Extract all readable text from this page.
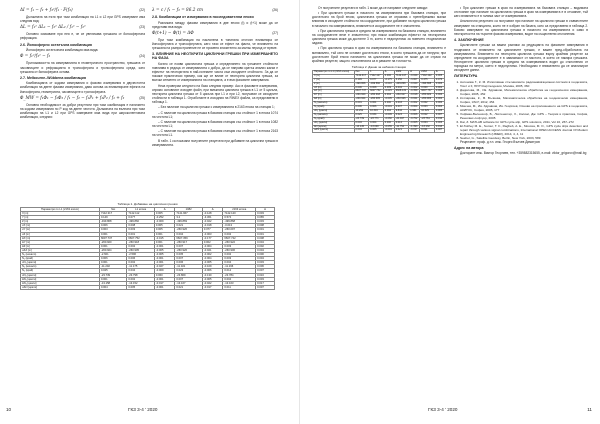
ΔI = f₁ − f₂ + f₃²/f₁ · F(f₃)	(22)

Дължината на пътя при тази комбинация на L1 и L2 при GPS измерване има следния вид:

ΔL = f₁² ΔL₁ − f₂² ΔL₂ / f₁² − f₂²	(23)

Основно изискване при нея е, че се увеличава грешката от йоносферната рефракция.

2.6. Йоносферно остатъчна комбинация

Йоносферно остатъчната комбинация има вида:

Φ = f₁²/f₂² − f₂	(24)

Приложимостта на измерванията в геометричното пространство, грешката от часовниците и рефракцията в тропосферата и тропосферната среда, като грешката от йоносферата остава.

2.7. Melbourne–Wübbena комбинация

Комбинацията от кодови измервания и фазови измервания в двучестотна комбинация на двете фазови измервания, дава основа за елиминиране ефекта на йоносферата, геометрията, часовниците и тропосферата.

Φ_MW = f₁Φ₁ − f₂Φ₂ / f₁ − f₂ − f₁P₁ + f₂P₂ / f₁ + f₂	(25)

Основна необходимост за добри резултати при тази комбинация е наличието на кодови измервания по P код на двете честоти. Дължината на вълната при тази комбинация на L1 и L2 при GPS измерване има вида при широколентовата комбинация, следния:

λ = c / f₁ − f₂ = 86.2 cm	(26)
2.8. Комбинации от измервания в последователни епохи

Разликата между фазови измервания в две епохи (t) и (t+1) може да се представи във вида:

Φ(t+1) − Φ(t) = ΔΦ	(27)

При тази комбинация на наклонена в топината отстоян елиминира се йоносферната и тропосферната, като тази се ефект на факта, че влиянието на грешката на разпространение не се променя значително за малък период от време.

3. ВЛИЯНИЕ НА НЕОТКРИТИ ЦИКЛИЧНИ ГРЕШКИ ПРИ ИЗМЕРВАНЕТО НА ФАЗА

Когато се появи цикличната грешка и определянето на грешните стойности повлиява в редица от измерванията с добра, да се направи кратък анализ какъв е ефектът на неоткритата в най-големите числа към изходните стойности. За да се покаже практически пример, как ще се влияе от неоткрита циклична грешка, за всички сегменти от измерванията на станцията, а е във фазовите измервания.

Нека проверим следното на база следния пример: Ако в фазовите измервания, спрямо основният изходен файл, при вмъкната циклична грешка в L1 от 5 цикъла, неоткрита циклична грешка от 5 цикъла при L1 и при L2, получават се изходните стойности в таблица 1. Отработките в изходния на RINEX файла, са представени в таблица 1.

– Без наличие на циклични грешки с измерванията в 2163 епоха на станция 1;

– С наличие на циклична грешка в базовия станция със стойност 1 в епоха 1074 на честота L1;

– С наличие на циклична грешка в базовия станция със стойност 1 в епоха 1082 на честота L1;

– С наличие на циклична грешка в базовия станция със стойност 1 в епоха 2163 на честота L1.

В табл. 1 са показани получените резултати при добавяне на циклични грешки в измерванията.

Таблица 1. Добавяне на циклични грешки
Параметри по L1 (2163 епохи)	без	L1 епоха	Δ	1082	Δ	2163 епоха	Δ
X [m]	7142.317	7142.112	0.005	7141.967	-0.128	7142.120	0.003
Y [m]	0.149	0.077	-0.252	3.2	-3.361	0.574	0.065
Z [m]	-499.868	-499.860	-0.009	-499.869	-0.022	-499.868	0.003
σX [m]	0.006	0.008	0.005	0.021	-0.018	-0.013	0.008
σY [m]	0.003	0.003	0.005	-260.926	0.377	-260.097	0.001
σZ [m]	0.001	0.001	0.001	0.004	-0.003	0.002	0.001
ΔX [m]	6607.737	6607.752	-0.015	6607.359	-0.177	6607.742	0.008
ΔY [m]	-260.920	-260.918	0.001	-260.917	0.002	-260.922	0.004
ΔZ [m]	0.001	0.002	-0.001	0.007	-0.004	0.003	0.002
σΔX [m]	-260.924	-260.905	-0.005	-260.926	-0.021	-260.906	0.004
N₁ (начало)	-2.601	-2.596	-0.005	0.005	-0.002	0.002	0.000
N₁ (край)	0.006	0.006	-0.001	0.007	-0.004	0.003	0.004
σN₁ [цикли]	0.001	0.002	-0.001	0.006	-0.005	0.004	0.003
N₂ (начало)	-11.202	-11.175	-0.027	-11.321	-0.109	-11.196	0.006
N₂ (край)	0.025	0.034	-0.009	0.023	-0.006	0.012	0.007
σN₂ [цикли]	-23.739	-23.798	0.060	-23.869	-0.130	-23.784	0.016
ΔN₁ [цикли]	0.001	0.002	-0.001	0.007	-0.005	0.004	0.003
ΔN₂ [цикли]	-13.158	-13.152	-0.017	-13.167	-0.022	-13.163	0.017
σΔN [цикли]	0.004	0.005	-0.001	0.021	-0.017	0.011	0.007
10	ГКЗ 3-4 ' 2020

От получените резултати в табл. 1 може да се направят следните изводи:

• При цикличен грешки в началото на измерванията при базовата станция, при достатъчно на брой епохи, цикличната грешка се отразява с пренебрежимо малки влияния в изходните стойности на координатите, при добавяне на една циклична грешка в началото на измерванията, влиянието в координатите не е значително.

• При цикличната грешка в средата на измерванията на базовата станция, влиянието на координатите вече е значително; при някои комбинации ефектът на неоткритата циклична грешка може да достигне 3 m, което е недопустимо за повечето геодезически задачи.

• При циклична грешка в края на измерванията на базовата станция, влиянието е минимално, тъй като не остават достатъчно епохи, в които грешката да се натрупа; при достатъчен брой епохи наличието на цикличната грешка не може да се отрази на крайния резултат, защото отклоненията са в рамките на точността.

Таблица 2. Данни за небазов станции
Параметри по L1 (2163 епохи)	без	1	Δ	1082	Δ	2163	Δ
X [m]	7142.317	7142.127	0.006	7142.417	-0.029	7142.122	0.005
Y [m]	0.149	0.077	-0.175	3.150	-3.007	0.475	0.076
Z [m]	-499.868	-499.860	-0.010	-499.868	-0.020	-499.868	0.003
σX [m]	0.006	0.008	0.009	0.002	-0.002	0.000	0.001
ΔX [m]	6607.737	6607.752	-0.015	6608.131	-0.359	6607.737	0.008
ΔY [m]	-260.920	-260.918	0.004	-260.917	-0.018	-260.922	0.004
ΔZ [m]	-260.924	-260.905	-0.005	-260.926	-0.021	-260.906	0.004
N₁ (начало)	0.001	0.001	0.000	0.003	-0.002	0.002	0.000
N₁ (край)	0.006	0.006	-0.001	0.007	-0.004	0.003	0.004
σN₁ [цикли]	10.292	10.316	0.004	9.842	1.961	10.329	0.005
N₂ (начало)	0.025	0.034	-0.009	0.023	-0.006	0.012	0.007
N₂ (край)	-23.739	-23.771	-0.060	-24.947	-0.702	-23.761	0.016
σN₂ [цикли]	0.004	0.004	0.000	0.012	-0.005	0.004	0.003
ΔN [цикли]	-13.145	-13.090	-0.055	-11.752	-1.393	-13.132	0.013
σΔN [цикли]	0.004	0.005	-0.001	0.021	-0.017	0.011	0.007

• При цикличен грешки в края на измерванията на базовата станция – видимата отстояние при наличие на цикличната грешка в края на измерванията е в отчаяние, тъй като влиянието е в голяма част от измерванията.

Аналогични резултати са получават при наличие на циклични грешки в съвместните измерване на станцията, които не е избран на базата, като са представени в таблица 2. Базово измерване на цикличната грешка в началото на измерванията и само в неоткритостта на търсене фазови измервания, водят на съществени отклонения.

4. ЗАКЛЮЧЕНИЕ

Цикличните грешки са важни разлики за редукцията на фазовите измервания в геодезията от влиянието на цикличните грешки, е важен пред-обработката на измерванията. Влиянието на неоткрита циклична грешка върху крайния резултат за определяне на координатите е в зависимост от мястото, в което се намира грешката. Неоткритите циклични грешки в средата на измерванията водят до отклонения от порядъка на метри, което е недопустимо. Необходимо е внимателно да се анализират изходните данни.

ЛИТЕРАТУРА
1. Антонова Г., К. М. Използване спътниковите радионавигационни системи в геодезията, Том I и II, ЮУП Картгеодезия, Москва, 2005, 360
2. Дадилова, М., Ив. Здравков, Математическа обработка на геодезически измервания, София, 2005, 452
3. Котларова, К., В. Въчиева, Математическа обработка на геодезически измервания, София, УАСГ, 2012, 454
4. Минчев, М., Ив. Здравков, Ив. Георгиев, Основи на приложението на GPS в геодезията, АКИГОС, София, 2005, 177
5. Хофман-Веленхоф, Б., Лихтенеггер, Х., Колинс, Дж. GPS – Теория и практика, София, Ренесанс-софтуер, 2005
6. Dai, Z. MATLAB software for GPS cycle-slip, GPS solutions, 2011, Vol 16, 267–272
7. El-Tokhey M. E., Sorour, T. F., Ragheb, A. E., Moussa, M. O., GPS cycle slips detection and repair through various signal combinations, International OPEN ACCESS Journal Of Modern Engineering Research (IJMER), 2014, 4, 4, 11
8. Seeber, G., Satellite Geodesy, Berlin, New York, 2003, 589

Рецензент: проф. д.т.н. инж. Георги Вълчев Димитров

Адрес на автора

Докторант инж. Виктор Георгиев, тел. +359882315655, e-mail: viktor_grigorov@mail.bg

ГКЗ 3-4 ' 2020	11
